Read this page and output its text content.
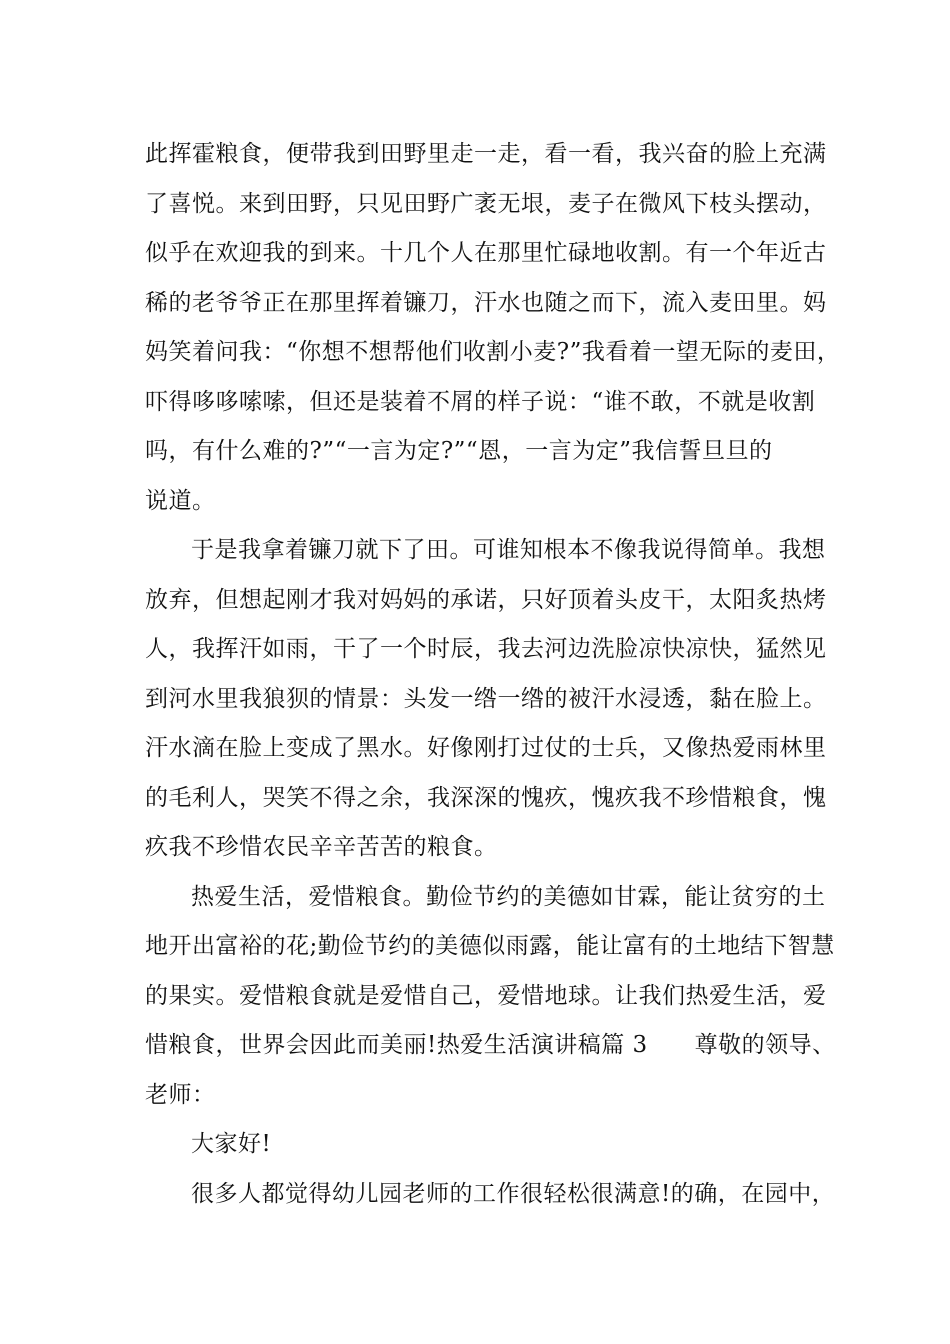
此挥霍粮食，便带我到田野里走一走，看一看，我兴奋的脸上充满
了喜悦。来到田野，只见田野广袤无垠，麦子在微风下枝头摆动，
似乎在欢迎我的到来。十几个人在那里忙碌地收割。有一个年近古
稀的老爷爷正在那里挥着镰刀，汗水也随之而下，流入麦田里。妈
妈笑着问我：“你想不想帮他们收割小麦?”我看着一望无际的麦田，
吓得哆哆嗦嗦，但还是装着不屑的样子说：“谁不敢，不就是收割
吗，有什么难的?”“一言为定?”“恩，一言为定”我信誓旦旦的
说道。
于是我拿着镰刀就下了田。可谁知根本不像我说得简单。我想
放弃，但想起刚才我对妈妈的承诺，只好顶着头皮干，太阳炙热烤
人，我挥汗如雨，干了一个时辰，我去河边洗脸凉快凉快，猛然见
到河水里我狼狈的情景：头发一绺一绺的被汗水浸透，黏在脸上。
汗水滴在脸上变成了黑水。好像刚打过仗的士兵，又像热爱雨林里
的毛利人，哭笑不得之余，我深深的愧疚，愧疚我不珍惜粮食，愧
疚我不珍惜农民辛辛苦苦的粮食。
热爱生活，爱惜粮食。勤俭节约的美德如甘霖，能让贫穷的土
地开出富裕的花;勤俭节约的美德似雨露，能让富有的土地结下智慧
的果实。爱惜粮食就是爱惜自己，爱惜地球。让我们热爱生活，爱
惜粮食，世界会因此而美丽!热爱生活演讲稿篇 3　　尊敬的领导、
老师：
大家好!
很多人都觉得幼儿园老师的工作很轻松很满意!的确，在园中，
